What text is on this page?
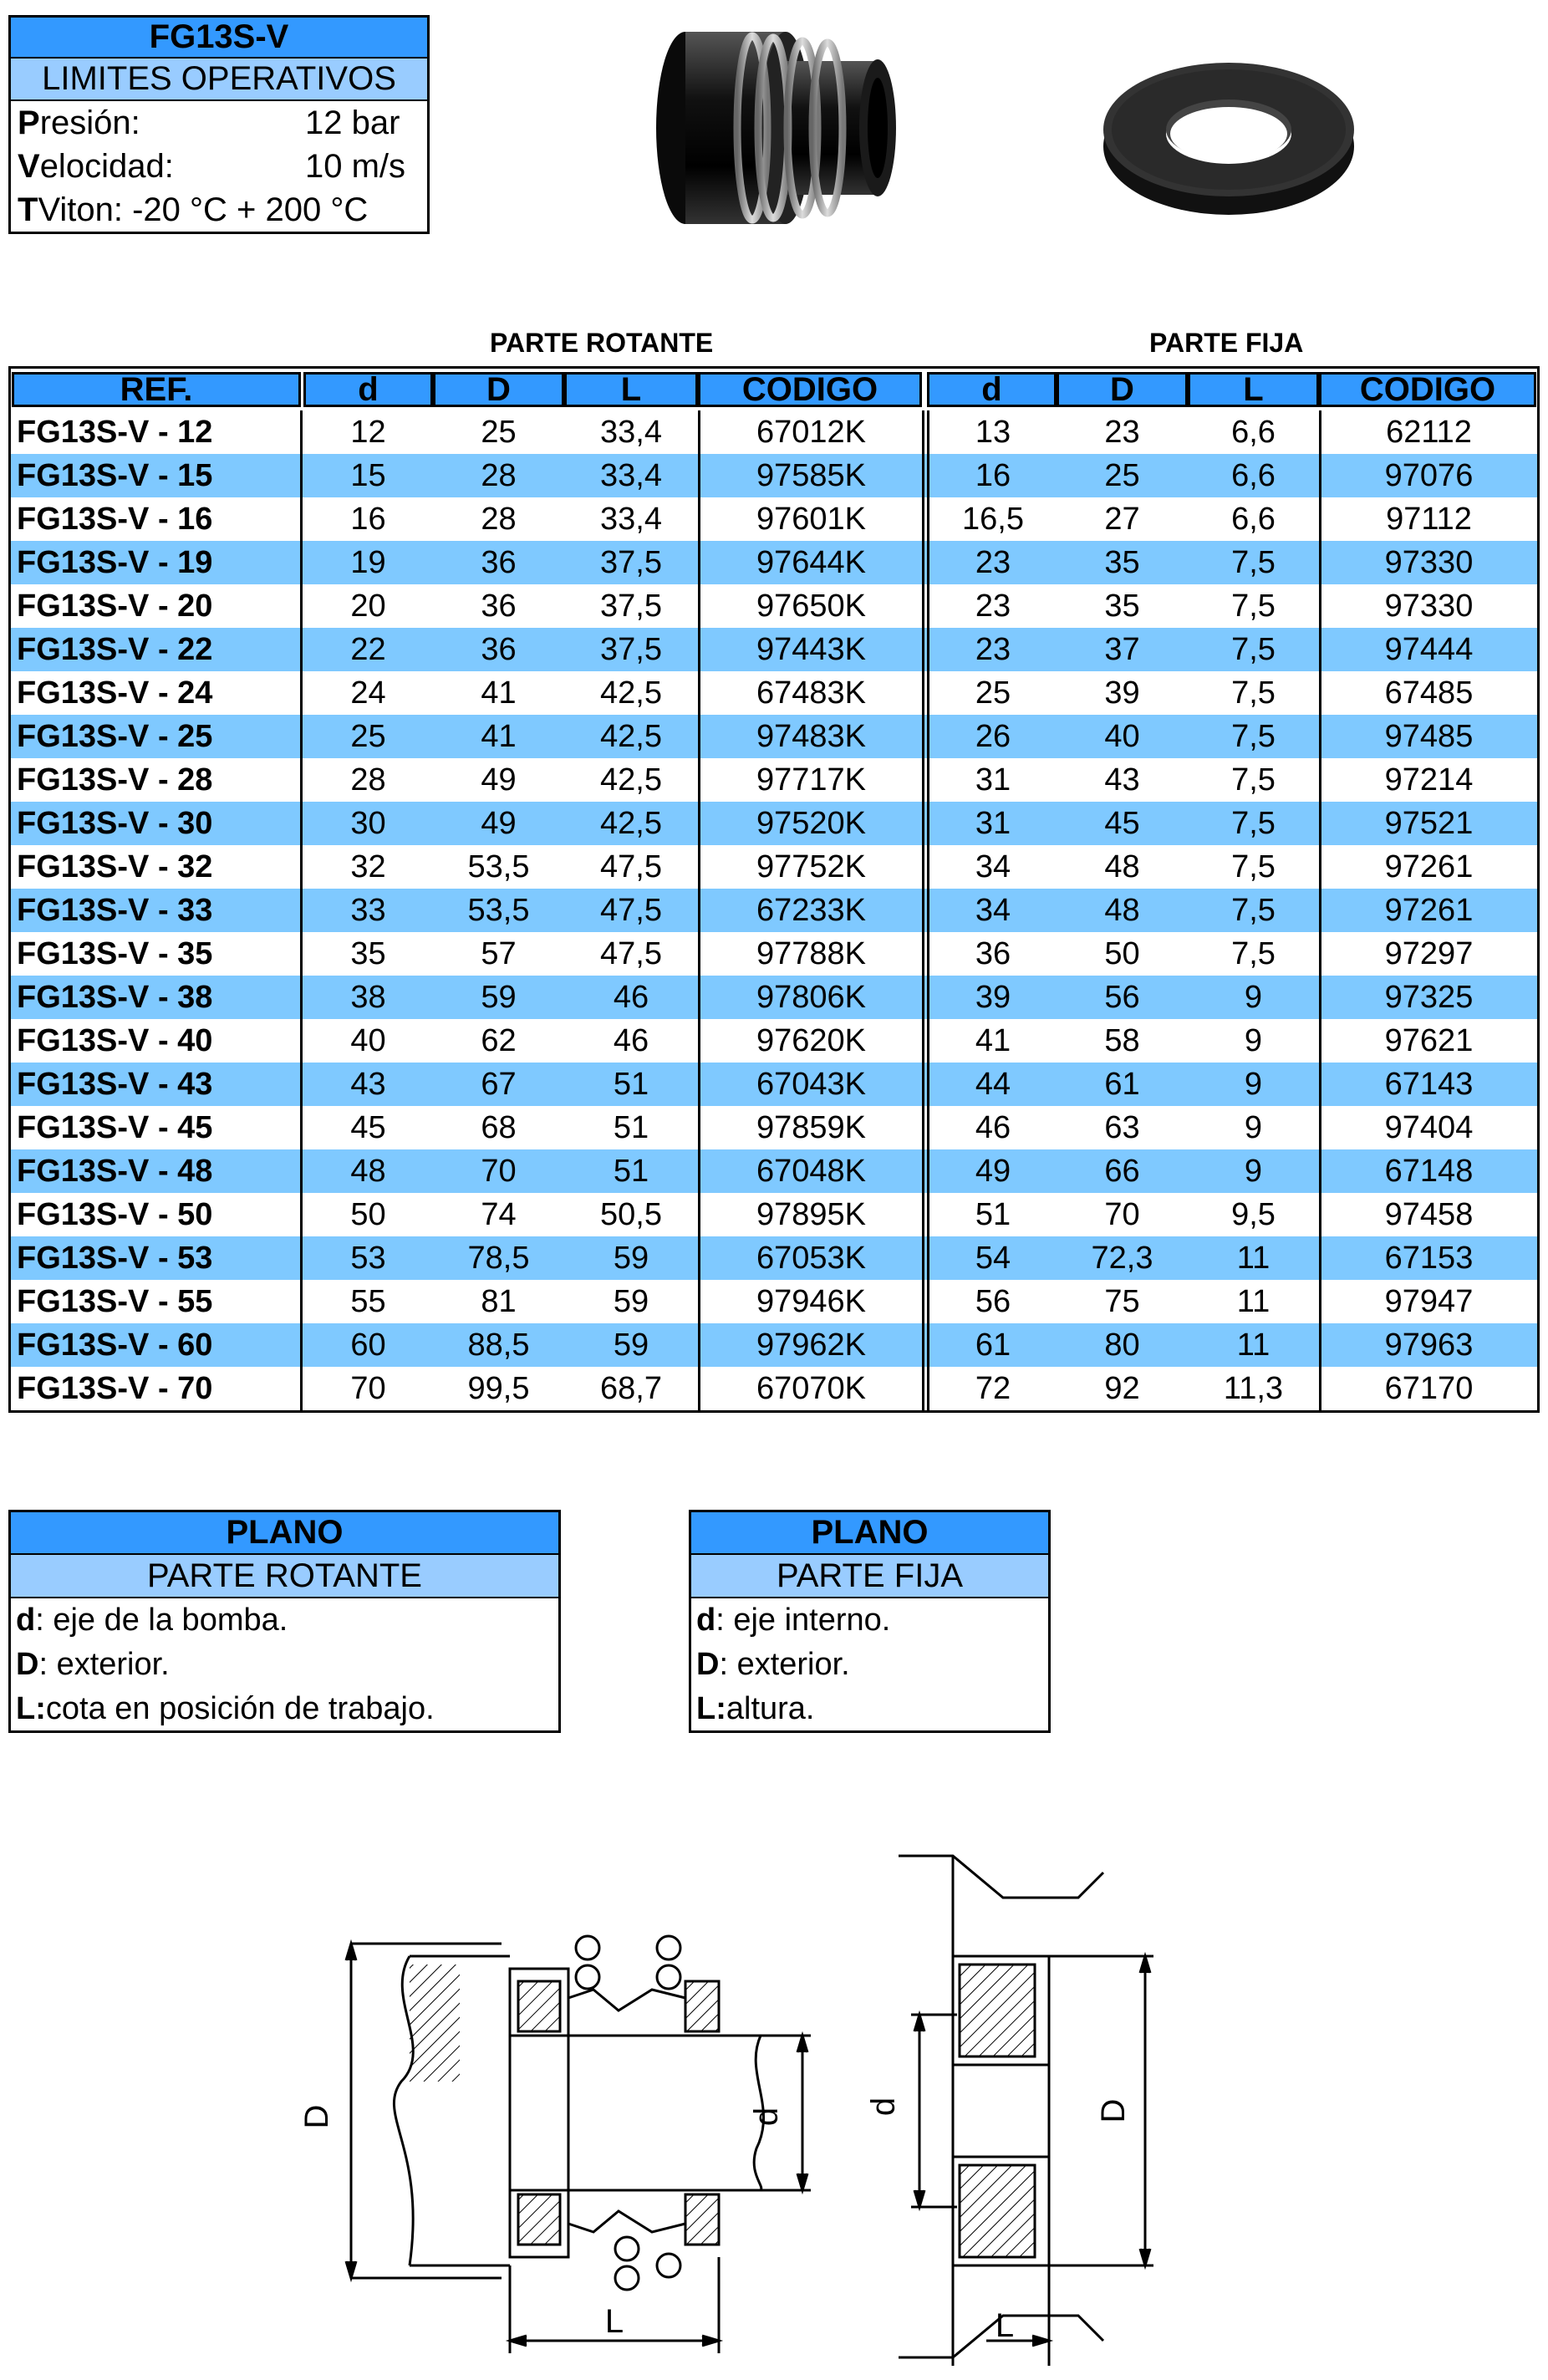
FG13S-V
LIMITES OPERATIVOS
P resión:	12 bar
V elocidad:	10 m/s
T Viton: -20 °C + 200 °C
PARTE ROTANTE	PARTE FIJA
REF.	d	D	L	CODIGO	d	D	L	CODIGO
FG13S-V - 12	12	25	33,4	67012K	13	23	6,6	62112
FG13S-V - 15	15	28	33,4	97585K	16	25	6,6	97076
FG13S-V - 16	16	28	33,4	97601K	16,5	27	6,6	97112
FG13S-V - 19	19	36	37,5	97644K	23	35	7,5	97330
FG13S-V - 20	20	36	37,5	97650K	23	35	7,5	97330
FG13S-V - 22	22	36	37,5	97443K	23	37	7,5	97444
FG13S-V - 24	24	41	42,5	67483K	25	39	7,5	67485
FG13S-V - 25	25	41	42,5	97483K	26	40	7,5	97485
FG13S-V - 28	28	49	42,5	97717K	31	43	7,5	97214
FG13S-V - 30	30	49	42,5	97520K	31	45	7,5	97521
FG13S-V - 32	32	53,5	47,5	97752K	34	48	7,5	97261
FG13S-V - 33	33	53,5	47,5	67233K	34	48	7,5	97261
FG13S-V - 35	35	57	47,5	97788K	36	50	7,5	97297
FG13S-V - 38	38	59	46	97806K	39	56	9	97325
FG13S-V - 40	40	62	46	97620K	41	58	9	97621
FG13S-V - 43	43	67	51	67043K	44	61	9	67143
FG13S-V - 45	45	68	51	97859K	46	63	9	97404
FG13S-V - 48	48	70	51	67048K	49	66	9	67148
FG13S-V - 50	50	74	50,5	97895K	51	70	9,5	97458
FG13S-V - 53	53	78,5	59	67053K	54	72,3	11	67153
FG13S-V - 55	55	81	59	97946K	56	75	11	97947
FG13S-V - 60	60	88,5	59	97962K	61	80	11	97963
FG13S-V - 70	70	99,5	68,7	67070K	72	92	11,3	67170
PLANO
PARTE ROTANTE
d : eje de la bomba.
D : exterior.
L: cota en posición de trabajo.
PLANO
PARTE FIJA
d : eje interno.
D : exterior.
L: altura.
D	d
L
d	D
L
